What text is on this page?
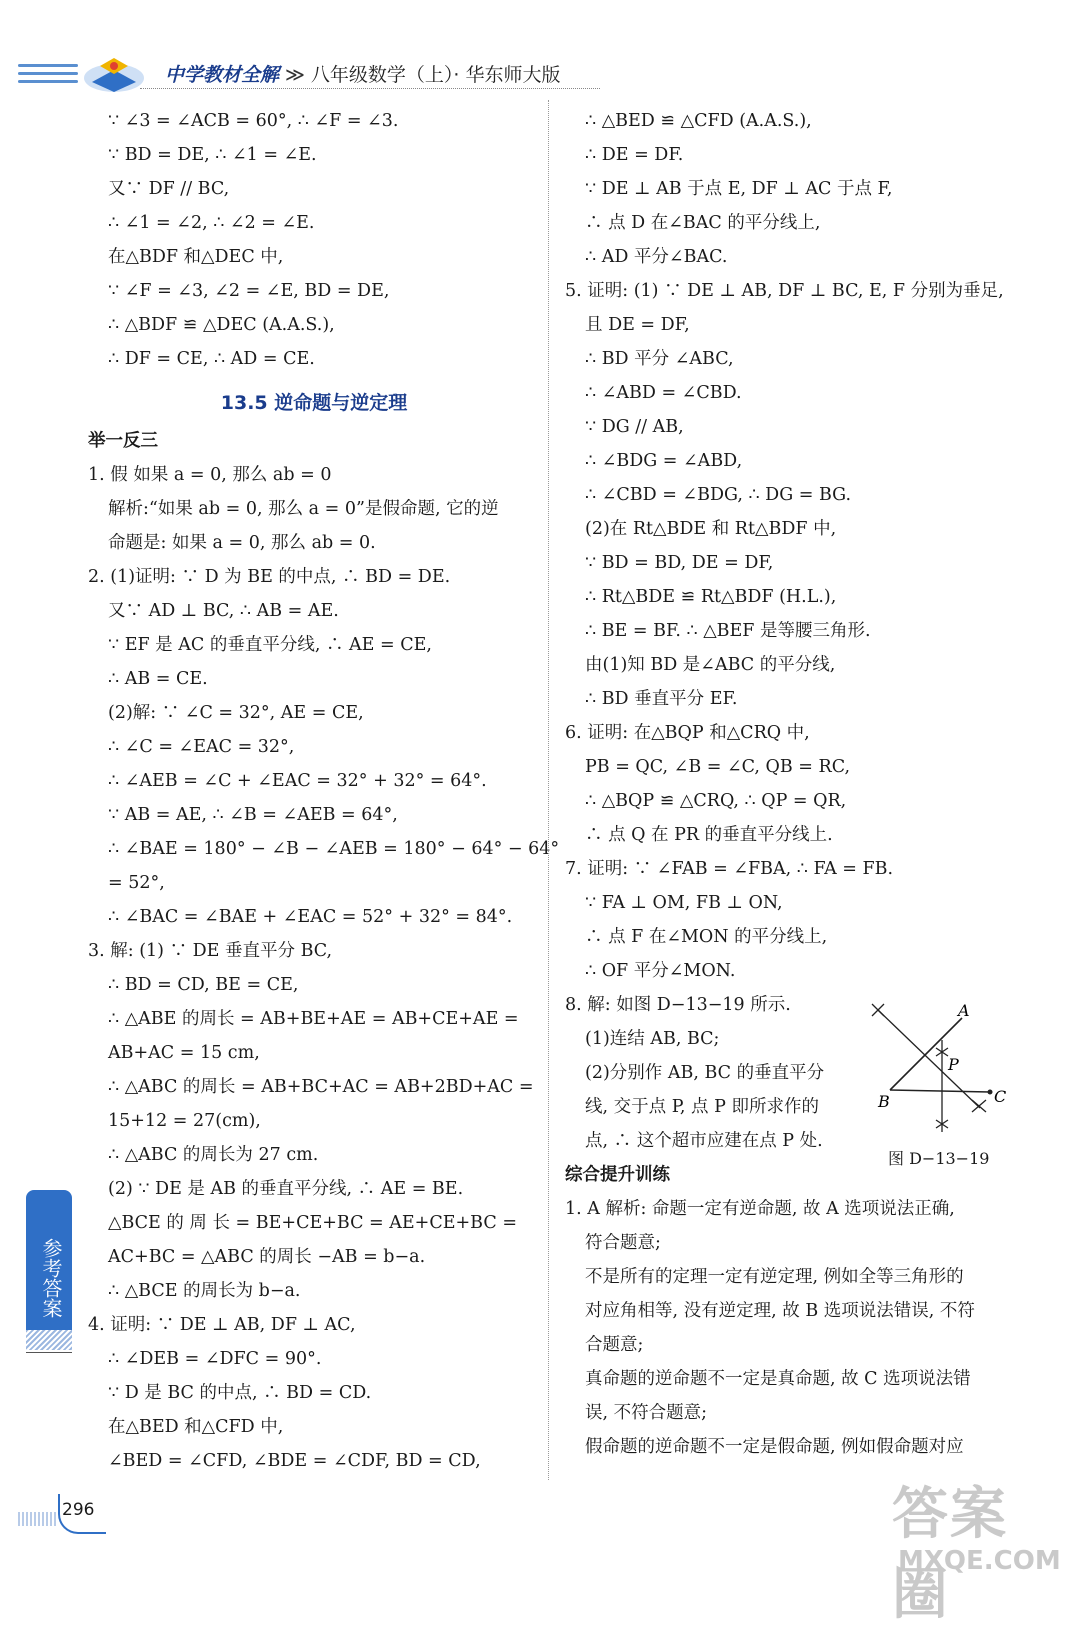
中学教材全解 ≫ 八年级数学（上）· 华东师大版
∵ ∠3 = ∠ACB = 60°, ∴ ∠F = ∠3.
∵ BD = DE, ∴ ∠1 = ∠E.
又∵ DF // BC,
∴ ∠1 = ∠2, ∴ ∠2 = ∠E.
在△BDF 和△DEC 中,
∵ ∠F = ∠3, ∠2 = ∠E, BD = DE,
∴ △BDF ≌ △DEC (A.A.S.),
∴ DF = CE, ∴ AD = CE.
13.5 逆命题与逆定理
举一反三
1. 假 如果 a = 0, 那么 ab = 0
解析:“如果 ab = 0, 那么 a = 0”是假命题, 它的逆
命题是: 如果 a = 0, 那么 ab = 0.
2. (1)证明: ∵ D 为 BE 的中点, ∴ BD = DE.
又∵ AD ⊥ BC, ∴ AB = AE.
∵ EF 是 AC 的垂直平分线, ∴ AE = CE,
∴ AB = CE.
(2)解: ∵ ∠C = 32°, AE = CE,
∴ ∠C = ∠EAC = 32°,
∴ ∠AEB = ∠C + ∠EAC = 32° + 32° = 64°.
∵ AB = AE, ∴ ∠B = ∠AEB = 64°,
∴ ∠BAE = 180° − ∠B − ∠AEB = 180° − 64° − 64°
= 52°,
∴ ∠BAC = ∠BAE + ∠EAC = 52° + 32° = 84°.
3. 解: (1) ∵ DE 垂直平分 BC,
∴ BD = CD, BE = CE,
∴ △ABE 的周长 = AB+BE+AE = AB+CE+AE =
AB+AC = 15 cm,
∴ △ABC 的周长 = AB+BC+AC = AB+2BD+AC =
15+12 = 27(cm),
∴ △ABC 的周长为 27 cm.
(2) ∵ DE 是 AB 的垂直平分线, ∴ AE = BE.
△BCE 的 周 长 = BE+CE+BC = AE+CE+BC =
AC+BC = △ABC 的周长 −AB = b−a.
∴ △BCE 的周长为 b−a.
4. 证明: ∵ DE ⊥ AB, DF ⊥ AC,
∴ ∠DEB = ∠DFC = 90°.
∵ D 是 BC 的中点, ∴ BD = CD.
在△BED 和△CFD 中,
∠BED = ∠CFD, ∠BDE = ∠CDF, BD = CD,
∴ △BED ≌ △CFD (A.A.S.),
∴ DE = DF.
∵ DE ⊥ AB 于点 E, DF ⊥ AC 于点 F,
∴ 点 D 在∠BAC 的平分线上,
∴ AD 平分∠BAC.
5. 证明: (1) ∵ DE ⊥ AB, DF ⊥ BC, E, F 分别为垂足,
且 DE = DF,
∴ BD 平分 ∠ABC,
∴ ∠ABD = ∠CBD.
∵ DG // AB,
∴ ∠BDG = ∠ABD,
∴ ∠CBD = ∠BDG, ∴ DG = BG.
(2)在 Rt△BDE 和 Rt△BDF 中,
∵ BD = BD, DE = DF,
∴ Rt△BDE ≌ Rt△BDF (H.L.),
∴ BE = BF. ∴ △BEF 是等腰三角形.
由(1)知 BD 是∠ABC 的平分线,
∴ BD 垂直平分 EF.
6. 证明: 在△BQP 和△CRQ 中,
PB = QC, ∠B = ∠C, QB = RC,
∴ △BQP ≌ △CRQ, ∴ QP = QR,
∴ 点 Q 在 PR 的垂直平分线上.
7. 证明: ∵ ∠FAB = ∠FBA, ∴ FA = FB.
∵ FA ⊥ OM, FB ⊥ ON,
∴ 点 F 在∠MON 的平分线上,
∴ OF 平分∠MON.
8. 解: 如图 D−13−19 所示.
(1)连结 AB, BC;
(2)分别作 AB, BC 的垂直平分
线, 交于点 P, 点 P 即所求作的
点, ∴ 这个超市应建在点 P 处.
综合提升训练
1. A 解析: 命题一定有逆命题, 故 A 选项说法正确,
符合题意;
不是所有的定理一定有逆定理, 例如全等三角形的
对应角相等, 没有逆定理, 故 B 选项说法错误, 不符
合题意;
真命题的逆命题不一定是真命题, 故 C 选项说法错
误, 不符合题意;
假命题的逆命题不一定是假命题, 例如假命题对应
A
B	C
P
图 D−13−19
参考答案
296	答案圈
MXQE.COM
